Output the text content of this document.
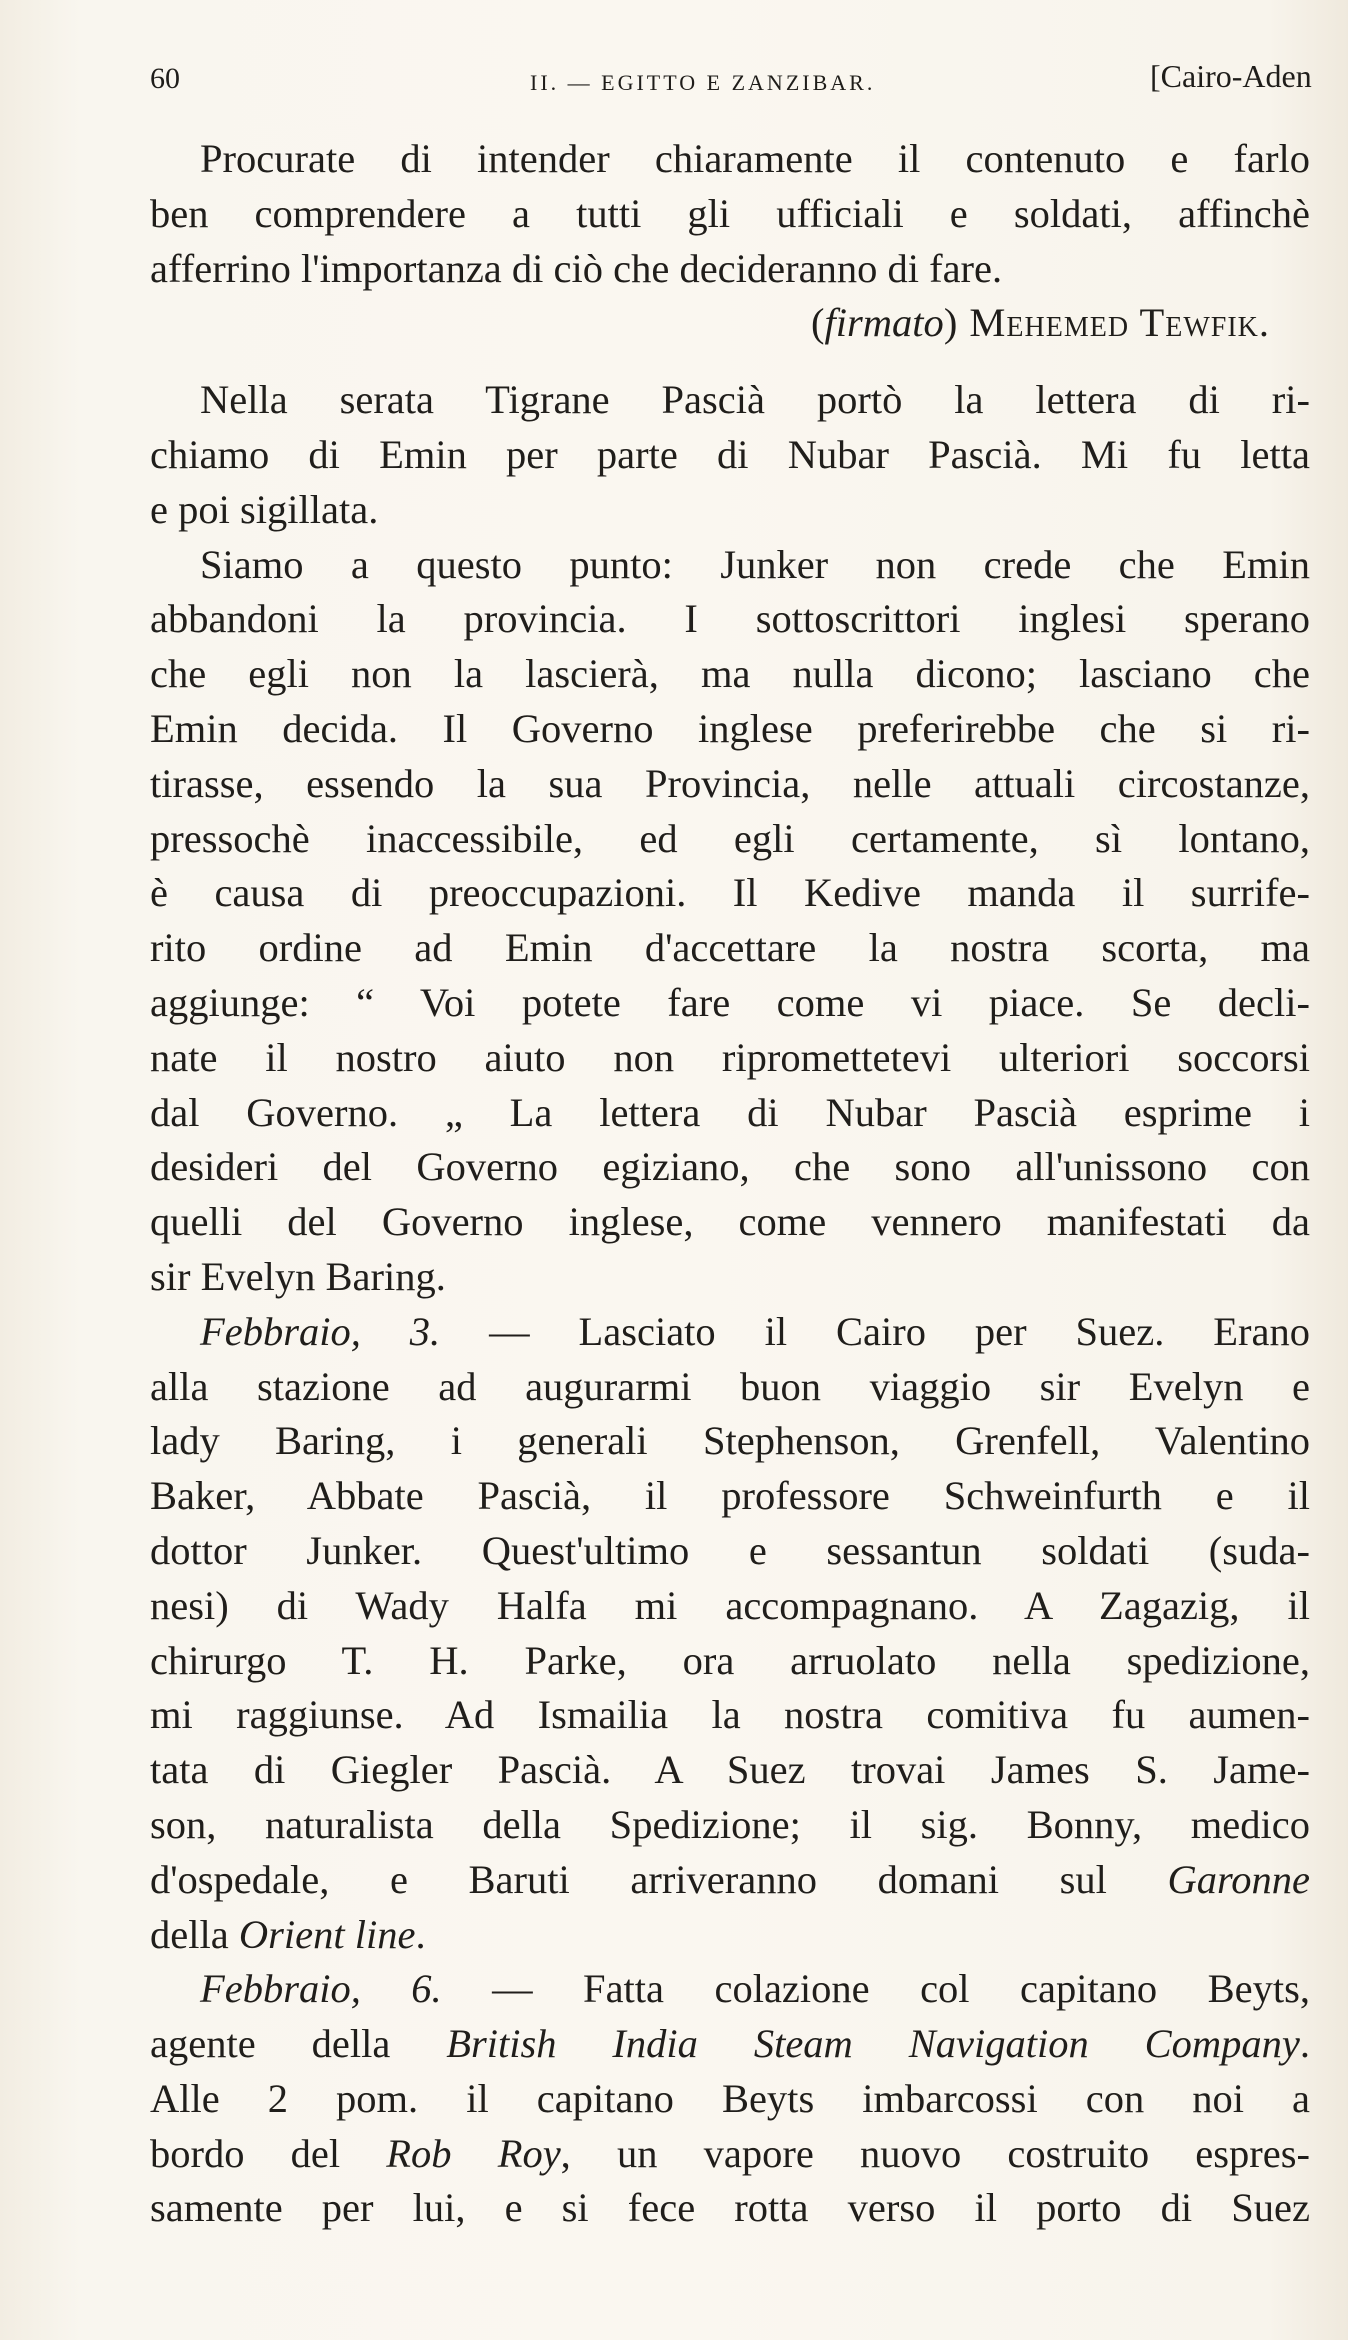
60	II. — EGITTO E ZANZIBAR.	[Cairo-Aden
Procurate di intender chiaramente il contenuto e farlo
ben comprendere a tutti gli ufficiali e soldati, affinchè
afferrino l'importanza di ciò che decideranno di fare.
(firmato) Mehemed Tewfik.
Nella serata Tigrane Pascià portò la lettera di ri-
chiamo di Emin per parte di Nubar Pascià. Mi fu letta
e poi sigillata.
Siamo a questo punto: Junker non crede che Emin
abbandoni la provincia. I sottoscrittori inglesi sperano
che egli non la lascierà, ma nulla dicono; lasciano che
Emin decida. Il Governo inglese preferirebbe che si ri-
tirasse, essendo la sua Provincia, nelle attuali circostanze,
pressochè inaccessibile, ed egli certamente, sì lontano,
è causa di preoccupazioni. Il Kedive manda il surrife-
rito ordine ad Emin d'accettare la nostra scorta, ma
aggiunge: “ Voi potete fare come vi piace. Se decli-
nate il nostro aiuto non ripromettetevi ulteriori soccorsi
dal Governo. „ La lettera di Nubar Pascià esprime i
desideri del Governo egiziano, che sono all'unissono con
quelli del Governo inglese, come vennero manifestati da
sir Evelyn Baring.
Febbraio, 3. — Lasciato il Cairo per Suez. Erano
alla stazione ad augurarmi buon viaggio sir Evelyn e
lady Baring, i generali Stephenson, Grenfell, Valentino
Baker, Abbate Pascià, il professore Schweinfurth e il
dottor Junker. Quest'ultimo e sessantun soldati (suda-
nesi) di Wady Halfa mi accompagnano. A Zagazig, il
chirurgo T. H. Parke, ora arruolato nella spedizione,
mi raggiunse. Ad Ismailia la nostra comitiva fu aumen-
tata di Giegler Pascià. A Suez trovai James S. Jame-
son, naturalista della Spedizione; il sig. Bonny, medico
d'ospedale, e Baruti arriveranno domani sul Garonne
della Orient line.
Febbraio, 6. — Fatta colazione col capitano Beyts,
agente della British India Steam Navigation Company.
Alle 2 pom. il capitano Beyts imbarcossi con noi a
bordo del Rob Roy, un vapore nuovo costruito espres-
samente per lui, e si fece rotta verso il porto di Suez
